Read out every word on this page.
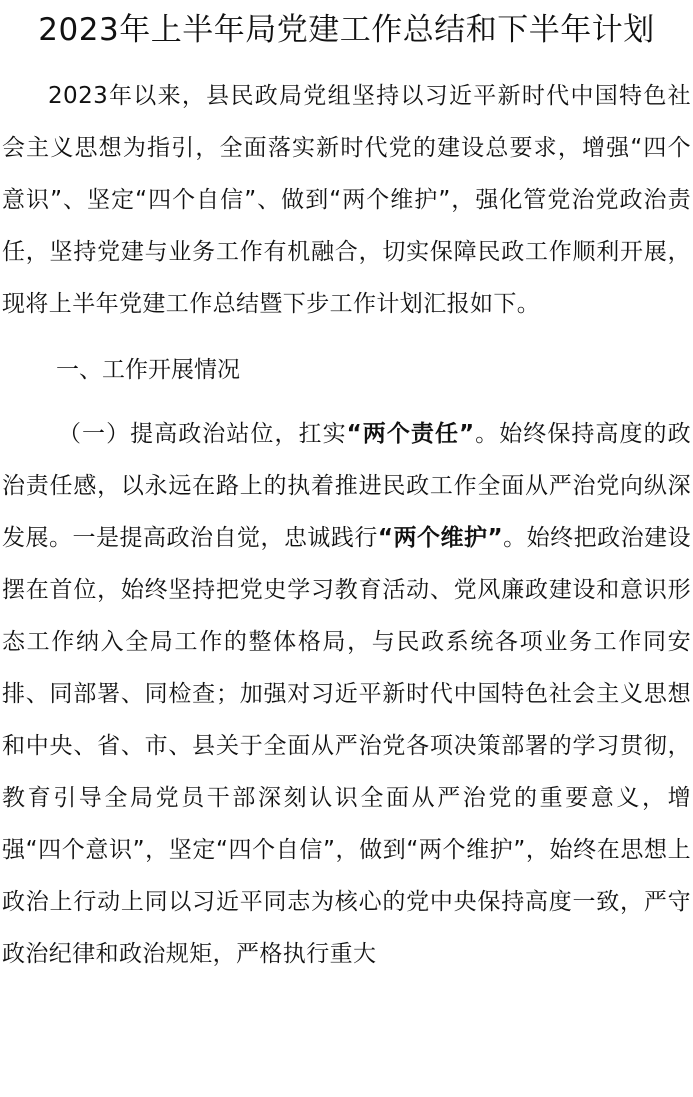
2023年上半年局党建工作总结和下半年计划

2023年以来，县民政局党组坚持以习近平新时代中国特色社会主义思想为指引，全面落实新时代党的建设总要求，增强“四个意识”、坚定“四个自信”、做到“两个维护”，强化管党治党政治责任，坚持党建与业务工作有机融合，切实保障民政工作顺利开展，现将上半年党建工作总结暨下步工作计划汇报如下。

一、工作开展情况

（一）提高政治站位，扛实“两个责任”。始终保持高度的政治责任感，以永远在路上的执着推进民政工作全面从严治党向纵深发展。一是提高政治自觉，忠诚践行“两个维护”。始终把政治建设摆在首位，始终坚持把党史学习教育活动、党风廉政建设和意识形态工作纳入全局工作的整体格局，与民政系统各项业务工作同安排、同部署、同检查；加强对习近平新时代中国特色社会主义思想和中央、省、市、县关于全面从严治党各项决策部署的学习贯彻，教育引导全局党员干部深刻认识全面从严治党的重要意义，增强“四个意识”，坚定“四个自信”，做到“两个维护”，始终在思想上政治上行动上同以习近平同志为核心的党中央保持高度一致，严守政治纪律和政治规矩，严格执行重大
